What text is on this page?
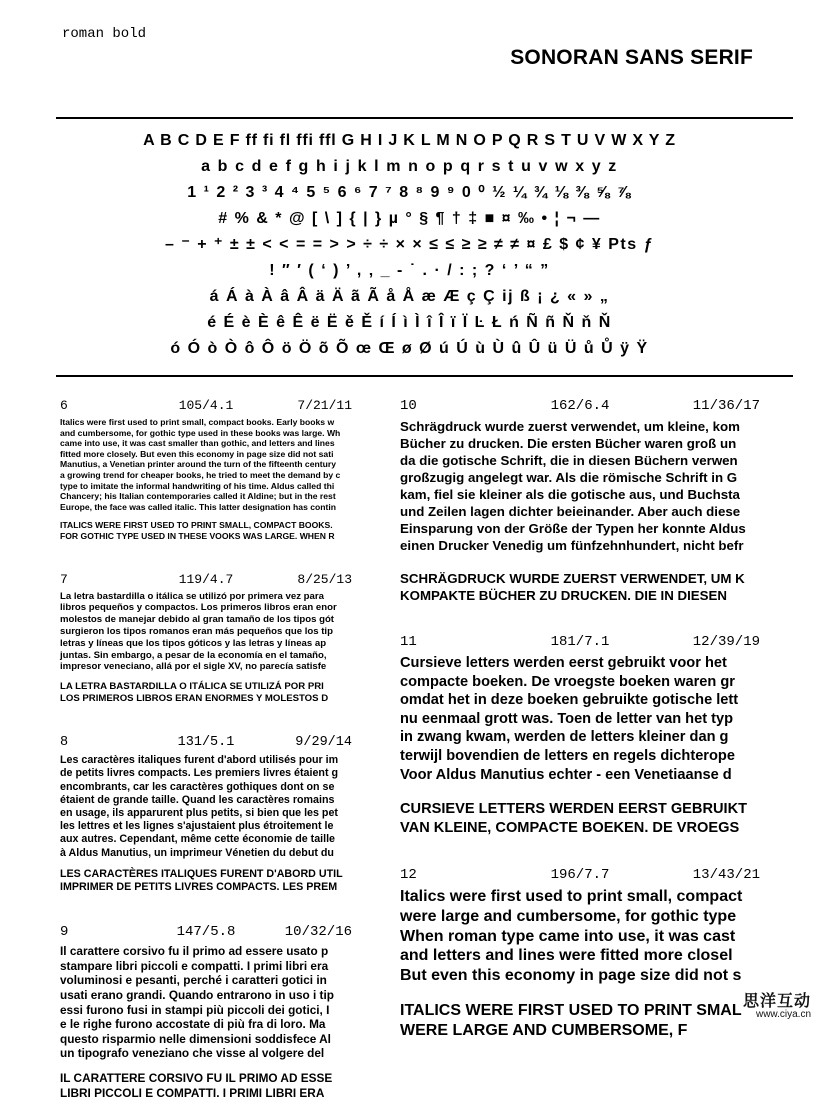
roman bold
SONORAN SANS SERIF
A B C D E F ff fi fl ffi ffl G H I J K L M N O P Q R S T U V W X Y Z
a b c d e f g h i j k l m n o p q r s t u v w x y z
1 ¹ 2 ² 3 ³ 4 ⁴ 5 ⁵ 6 ⁶ 7 ⁷ 8 ⁸ 9 ⁹ 0 ⁰ ½ ¼ ¾ ⅛ ⅜ ⅝ ⅞
# % & * @ [ \ ] { | } µ ° § ¶ † ‡ ■ ¤ ‰ • ¦ ¬ —
– ⁻ + ⁺ ± ± < < = = > > ÷ ÷ × × ≤ ≤ ≥ ≥ ≠ ≠ ¤ £ $ ¢ ¥ Pts ƒ
! ″ ′ ( ‘ ) ’ , ‚ _ - ˙ . · / : ; ? ‘ ’ “ ”
á Á à À â Â ä Ä ã Ã å Å æ Æ ç Ç ij ß ¡ ¿ « » „
é É è È ê Ê ë Ë ě Ě í Í ì Ì î Î ï Ï Ŀ Ł ń Ñ ñ Ň ň Ň
ó Ó ò Ò ô Ô ö Ö õ Õ œ Œ ø Ø ú Ú ù Ù û Û ü Ü ů Ů ÿ Ÿ
6	105/4.1	7/21/11
Italics were first used to print small, compact books. Early books w
and cumbersome, for gothic type used in these books was large. Wh
came into use, it was cast smaller than gothic, and letters and lines
fitted more closely. But even this economy in page size did not sati
Manutius, a Venetian printer around the turn of the fifteenth century
a growing trend for cheaper books, he tried to meet the demand by c
type to imitate the informal handwriting of his time. Aldus called thi
Chancery; his Italian contemporaries called it Aldine; but in the rest
Europe, the face was called italic. This latter designation has contin
ITALICS WERE FIRST USED TO PRINT SMALL, COMPACT BOOKS.
FOR GOTHIC TYPE USED IN THESE VOOKS WAS LARGE. WHEN R
7	119/4.7	8/25/13
La letra bastardilla o itálica se utilizó por primera vez para
libros pequeños y compactos. Los primeros libros eran enor
molestos de manejar debido al gran tamaño de los tipos gót
surgieron los tipos romanos eran más pequeños que los tip
letras y líneas que los tipos góticos y las letras y líneas ap
juntas. Sin embargo, a pesar de la economía en el tamaño,
impresor veneciano, allá por el sigle XV, no parecía satisfe
LA LETRA BASTARDILLA O ITÁLICA SE UTILIZÁ POR PRI
LOS PRIMEROS LIBROS ERAN ENORMES Y MOLESTOS D
8	131/5.1	9/29/14
Les caractères italiques furent d'abord utilisés pour im
de petits livres compacts. Les premiers livres étaient g
encombrants, car les caractères gothiques dont on se
étaient de grande taille. Quand les caractères romains
en usage, ils apparurent plus petits, si bien que les pet
les lettres et les lignes s'ajustaient plus étroitement le
aux autres. Cependant, même cette économie de taille
à Aldus Manutius, un imprimeur Vénetien du debut du
LES CARACTÈRES ITALIQUES FURENT D'ABORD UTIL
IMPRIMER DE PETITS LIVRES COMPACTS. LES PREM
9	147/5.8	10/32/16
Il carattere corsivo fu il primo ad essere usato p
stampare libri piccoli e compatti. I primi libri era
voluminosi e pesanti, perché i caratteri gotici in
usati erano grandi. Quando entrarono in uso i tip
essi furono fusi in stampi più piccoli dei gotici, I
e le righe furono accostate di più fra di loro. Ma
questo risparmio nelle dimensioni soddisfece Al
un tipografo veneziano che visse al volgere del
IL CARATTERE CORSIVO FU IL PRIMO AD ESSE
LIBRI PICCOLI E COMPATTI. I PRIMI LIBRI ERA
10	162/6.4	11/36/17
Schrägdruck wurde zuerst verwendet, um kleine, kom
Bücher zu drucken. Die ersten Bücher waren groß un
da die gotische Schrift, die in diesen Büchern verwen
großzugig angelegt war. Als die römische Schrift in G
kam, fiel sie kleiner als die gotische aus, und Buchsta
und Zeilen lagen dichter beieinander. Aber auch diese
Einsparung von der Größe der Typen her konnte Aldus
einen Drucker Venedig um fünfzehnhundert, nicht befr
SCHRÄGDRUCK WURDE ZUERST VERWENDET, UM K
KOMPAKTE BÜCHER ZU DRUCKEN. DIE IN DIESEN
11	181/7.1	12/39/19
Cursieve letters werden eerst gebruikt voor het
compacte boeken. De vroegste boeken waren gr
omdat het in deze boeken gebruikte gotische lett
nu eenmaal grott was. Toen de letter van het typ
in zwang kwam, werden de letters kleiner dan g
terwijl bovendien de letters en regels dichterope
Voor Aldus Manutius echter - een Venetiaanse d
CURSIEVE LETTERS WERDEN EERST GEBRUIKT
VAN KLEINE, COMPACTE BOEKEN. DE VROEGS
12	196/7.7	13/43/21
Italics were first used to print small, compact
were large and cumbersome, for gothic type
When roman type came into use, it was cast
and letters and lines were fitted more closel
But even this economy in page size did not s
ITALICS WERE FIRST USED TO PRINT SMAL
WERE LARGE AND CUMBERSOME, F
思洋互动
www.ciya.cn
